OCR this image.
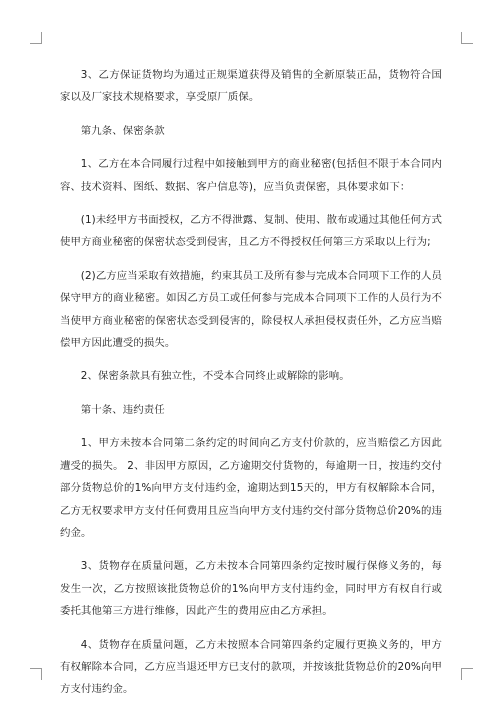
3、乙方保证货物均为通过正规渠道获得及销售的全新原装正品，货物符合国家以及厂家技术规格要求，享受原厂质保。

第九条、保密条款

1、乙方在本合同履行过程中如接触到甲方的商业秘密(包括但不限于本合同内容、技术资料、图纸、数据、客户信息等)，应当负责保密，具体要求如下：

(1)未经甲方书面授权，乙方不得泄露、复制、使用、散布或通过其他任何方式使甲方商业秘密的保密状态受到侵害，且乙方不得授权任何第三方采取以上行为;

(2)乙方应当采取有效措施，约束其员工及所有参与完成本合同项下工作的人员保守甲方的商业秘密。如因乙方员工或任何参与完成本合同项下工作的人员行为不当使甲方商业秘密的保密状态受到侵害的，除侵权人承担侵权责任外，乙方应当赔偿甲方因此遭受的损失。

2、保密条款具有独立性，不受本合同终止或解除的影响。

第十条、违约责任

1、甲方未按本合同第二条约定的时间向乙方支付价款的，应当赔偿乙方因此遭受的损失。 2、非因甲方原因，乙方逾期交付货物的，每逾期一日，按违约交付部分货物总价的1%向甲方支付违约金，逾期达到15天的，甲方有权解除本合同，乙方无权要求甲方支付任何费用且应当向甲方支付违约交付部分货物总价20%的违约金。

3、货物存在质量问题，乙方未按本合同第四条约定按时履行保修义务的，每发生一次，乙方按照该批货物总价的1%向甲方支付违约金，同时甲方有权自行或委托其他第三方进行维修，因此产生的费用应由乙方承担。

4、货物存在质量问题，乙方未按照本合同第四条约定履行更换义务的，甲方有权解除本合同，乙方应当退还甲方已支付的款项，并按该批货物总价的20%向甲方支付违约金。
